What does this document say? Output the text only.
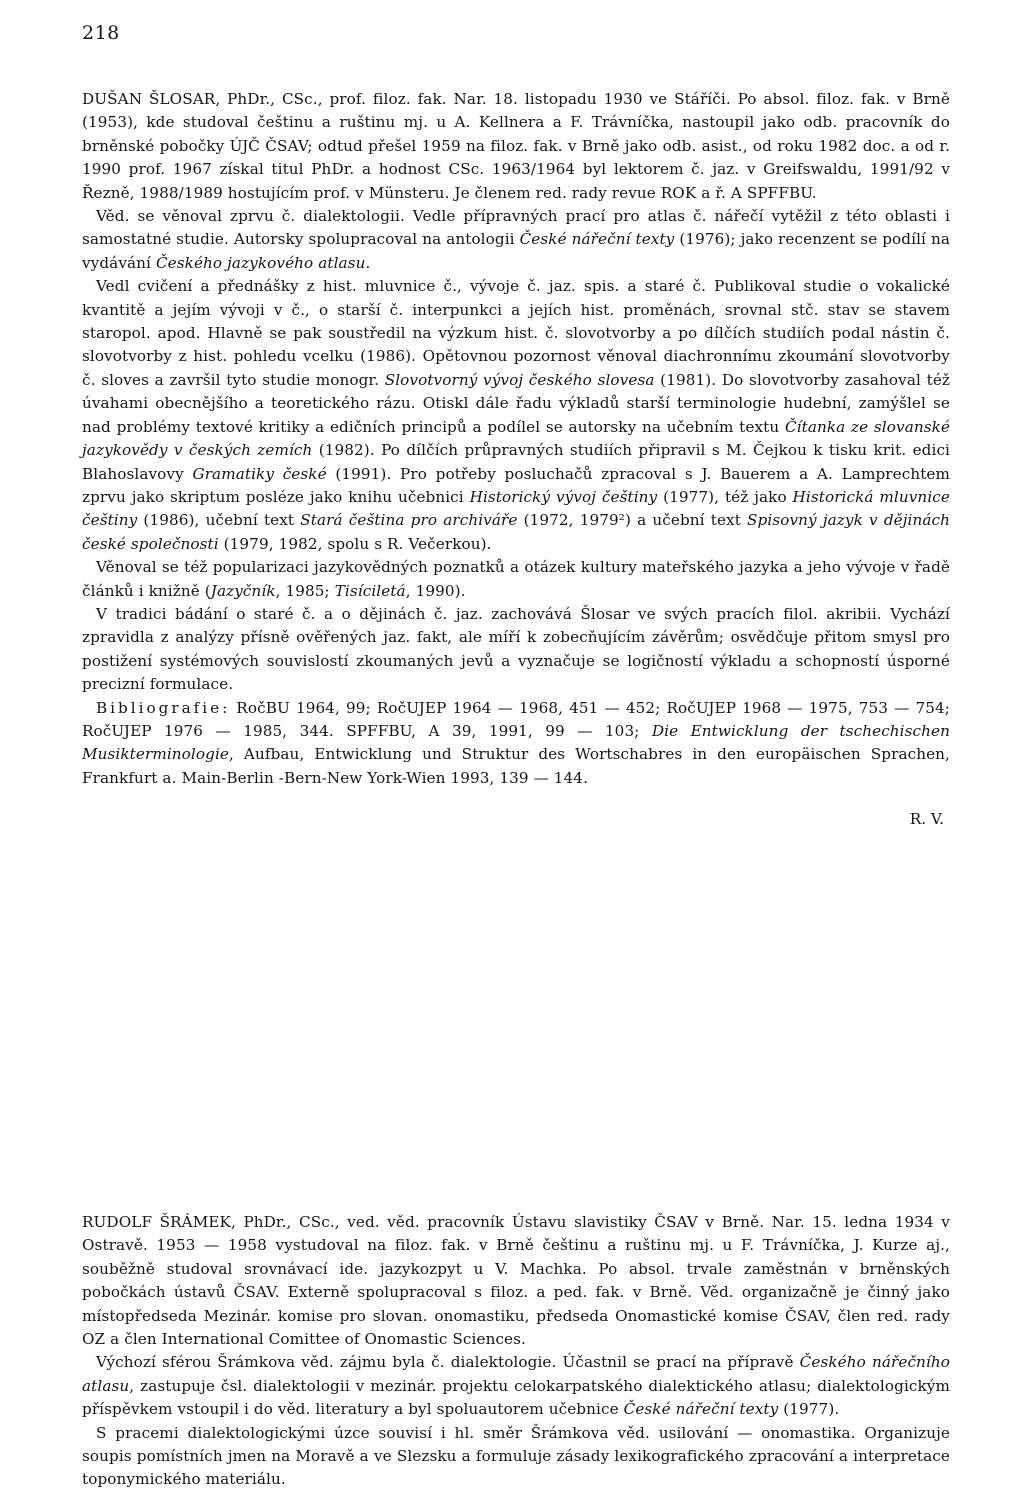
218

DUŠAN ŠLOSAR, PhDr., CSc., prof. filoz. fak. Nar. 18. listopadu 1930 ve Stáříči. Po absol. filoz. fak. v Brně (1953), kde studoval češtinu a ruštinu mj. u A. Kellnera a F. Trávníčka, nastoupil jako odb. pracovník do brněnské pobočky ÚJČ ČSAV; odtud přešel 1959 na filoz. fak. v Brně jako odb. asist., od roku 1982 doc. a od r. 1990 prof. 1967 získal titul PhDr. a hodnost CSc. 1963/1964 byl lektorem č. jaz. v Greifswaldu, 1991/92 v Řezně, 1988/1989 hostujícím prof. v Münsteru. Je členem red. rady revue ROK a ř. A SPFFBU.

Věd. se věnoval zprvu č. dialektologii. Vedle přípravných prací pro atlas č. nářečí vytěžil z této oblasti i samostatné studie. Autorsky spolupracoval na antologii České nářeční texty (1976); jako recenzent se podílí na vydávání Českého jazykového atlasu.

Vedl cvičení a přednášky z hist. mluvnice č., vývoje č. jaz. spis. a staré č. Publikoval studie o vokalické kvantitě a jejím vývoji v č., o starší č. interpunkci a jejích hist. proměnách, srovnal stč. stav se stavem staropol. apod. Hlavně se pak soustředil na výzkum hist. č. slovotvorby a po dílčích studiích podal nástin č. slovotvorby z hist. pohledu vcelku (1986). Opětovnou pozornost věnoval diachronnímu zkoumání slovotvorby č. sloves a završil tyto studie monogr. Slovotvorný vývoj českého slovesa (1981). Do slovotvorby zasahoval též úvahami obecnějšího a teoretického rázu. Otiskl dále řadu výkladů starší terminologie hudební, zamýšlel se nad problémy textové kritiky a edičních principů a podílel se autorsky na učebním textu Čítanka ze slovanské jazykovědy v českých zemích (1982). Po dílčích průpravných studiích připravil s M. Čejkou k tisku krit. edici Blahoslavovy Gramatiky české (1991). Pro potřeby posluchačů zpracoval s J. Bauerem a A. Lamprechtem zprvu jako skriptum posléze jako knihu učebnici Historický vývoj češtiny (1977), též jako Historická mluvnice češtiny (1986), učební text Stará čeština pro archiváře (1972, 1979²) a učební text Spisovný jazyk v dějinách české společnosti (1979, 1982, spolu s R. Večerkou).

Věnoval se též popularizaci jazykovědných poznatků a otázek kultury mateřského jazyka a jeho vývoje v řadě článků i knižně (Jazyčník, 1985; Tisíciletá, 1990).

V tradici bádání o staré č. a o dějinách č. jaz. zachovává Šlosar ve svých pracích filol. akribii. Vychází zpravidla z analýzy přísně ověřených jaz. fakt, ale míří k zobecňujícím závěrům; osvědčuje přitom smysl pro postižení systémových souvislostí zkoumaných jevů a vyznačuje se logičností výkladu a schopností úsporné precizní formulace.

Bibliografie: RočBU 1964, 99; RočUJEP 1964 — 1968, 451 — 452; RočUJEP 1968 — 1975, 753 — 754; RočUJEP 1976 — 1985, 344. SPFFBU, A 39, 1991, 99 — 103; Die Entwicklung der tschechischen Musikterminologie, Aufbau, Entwicklung und Struktur des Wortschabres in den europäischen Sprachen, Frankfurt a. Main-Berlin -Bern-New York-Wien 1993, 139 — 144.

R. V.

RUDOLF ŠRÁMEK, PhDr., CSc., ved. věd. pracovník Ústavu slavistiky ČSAV v Brně. Nar. 15. ledna 1934 v Ostravě. 1953 — 1958 vystudoval na filoz. fak. v Brně češtinu a ruštinu mj. u F. Trávníčka, J. Kurze aj., souběžně studoval srovnávací ide. jazykozpyt u V. Machka. Po absol. trvale zaměstnán v brněnských pobočkách ústavů ČSAV. Externě spolupracoval s filoz. a ped. fak. v Brně. Věd. organizačně je činný jako místopředseda Mezinár. komise pro slovan. onomastiku, předseda Onomastické komise ČSAV, člen red. rady OZ a člen International Comittee of Onomastic Sciences.

Výchozí sférou Šrámkova věd. zájmu byla č. dialektologie. Účastnil se prací na přípravě Českého nářečního atlasu, zastupuje čsl. dialektologii v mezinár. projektu celokarpatského dialektického atlasu; dialektologickým příspěvkem vstoupil i do věd. literatury a byl spoluautorem učebnice České nářeční texty (1977).

S pracemi dialektologickými úzce souvisí i hl. směr Šrámkova věd. usilování — onomastika. Organizuje soupis pomístních jmen na Moravě a ve Slezsku a formuluje zásady lexikografického zpracování a interpretace toponymického materiálu.
